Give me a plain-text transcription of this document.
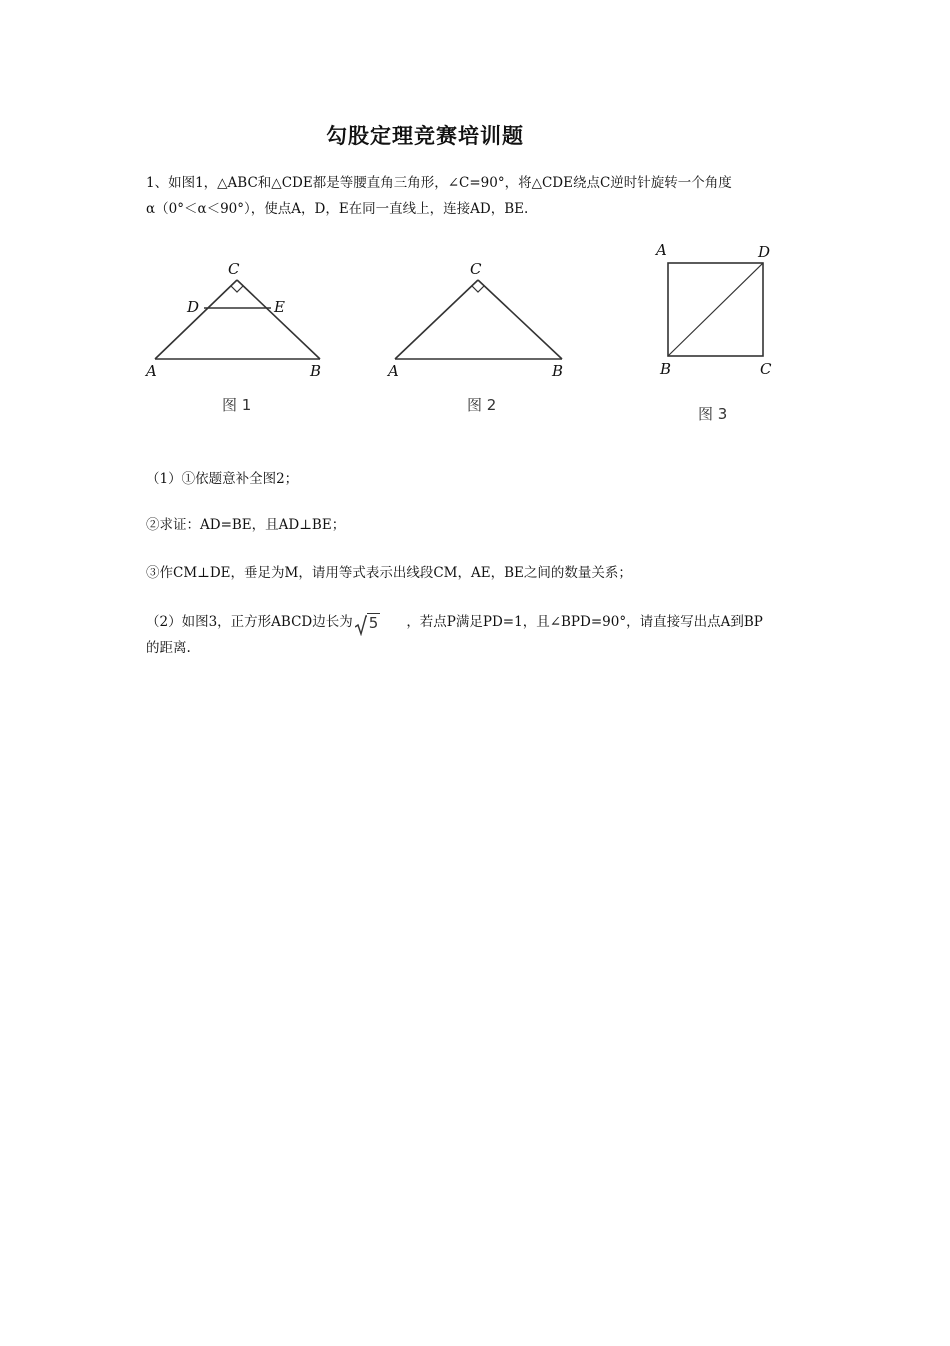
勾股定理竞赛培训题
1、如图1，△ABC和△CDE都是等腰直角三角形，∠C=90°，将△CDE绕点C逆时针旋转一个角度
α（0°＜α＜90°），使点A，D，E在同一直线上，连接AD，BE.
C
D	E
A	B
图 1
C
A	B
图 2
A	D
B	C
图 3
（1）①依题意补全图2；
②求证：AD=BE，且AD⊥BE；
③作CM⊥DE，垂足为M，请用等式表示出线段CM，AE，BE之间的数量关系；
（2）如图3，正方形ABCD边长为 5 ，若点P满足PD=1，且∠BPD=90°，请直接写出点A到BP
的距离.
